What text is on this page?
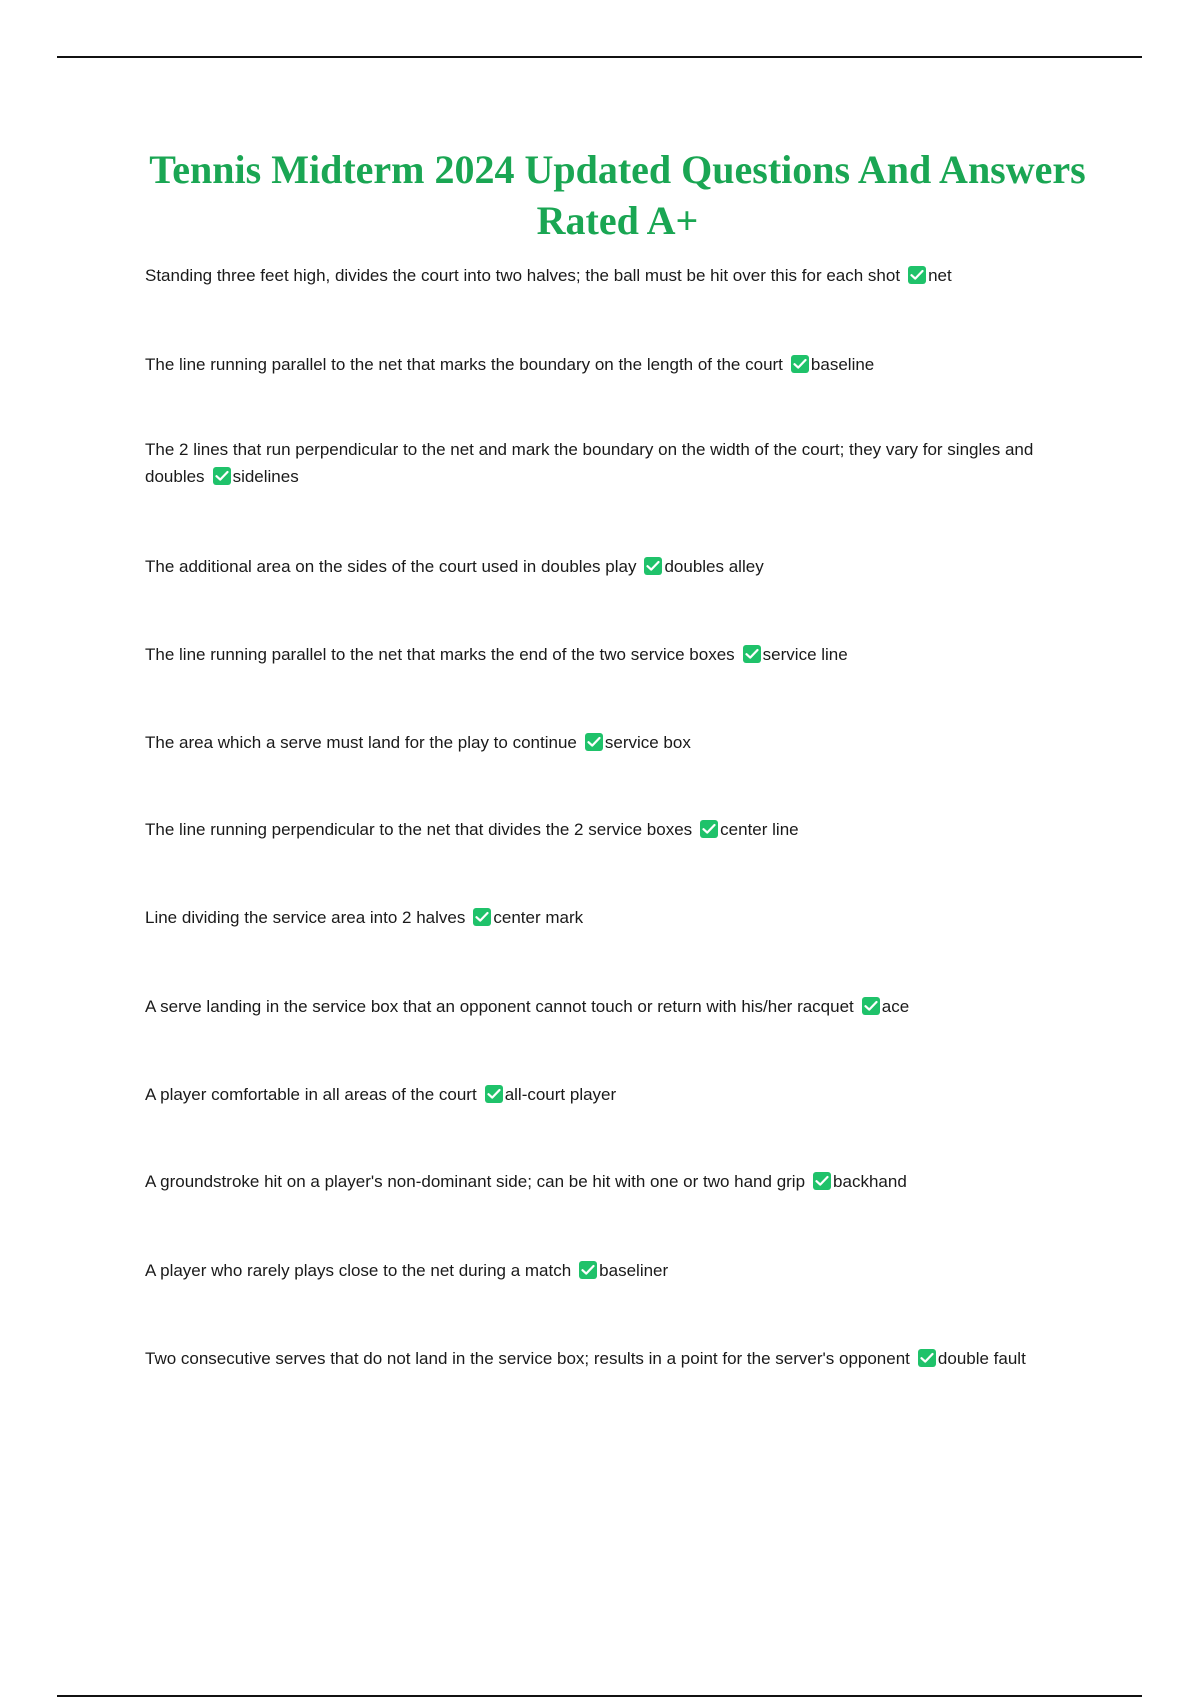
Tennis Midterm 2024 Updated Questions And Answers Rated A+

Standing three feet high, divides the court into two halves; the ball must be hit over this for each shot net

The line running parallel to the net that marks the boundary on the length of the court baseline

The 2 lines that run perpendicular to the net and mark the boundary on the width of the court; they vary for singles and doubles sidelines

The additional area on the sides of the court used in doubles play doubles alley

The line running parallel to the net that marks the end of the two service boxes service line

The area which a serve must land for the play to continue service box

The line running perpendicular to the net that divides the 2 service boxes center line

Line dividing the service area into 2 halves center mark

A serve landing in the service box that an opponent cannot touch or return with his/her racquet ace

A player comfortable in all areas of the court all-court player

A groundstroke hit on a player's non-dominant side; can be hit with one or two hand grip backhand

A player who rarely plays close to the net during a match baseliner

Two consecutive serves that do not land in the service box; results in a point for the server's opponent double fault
